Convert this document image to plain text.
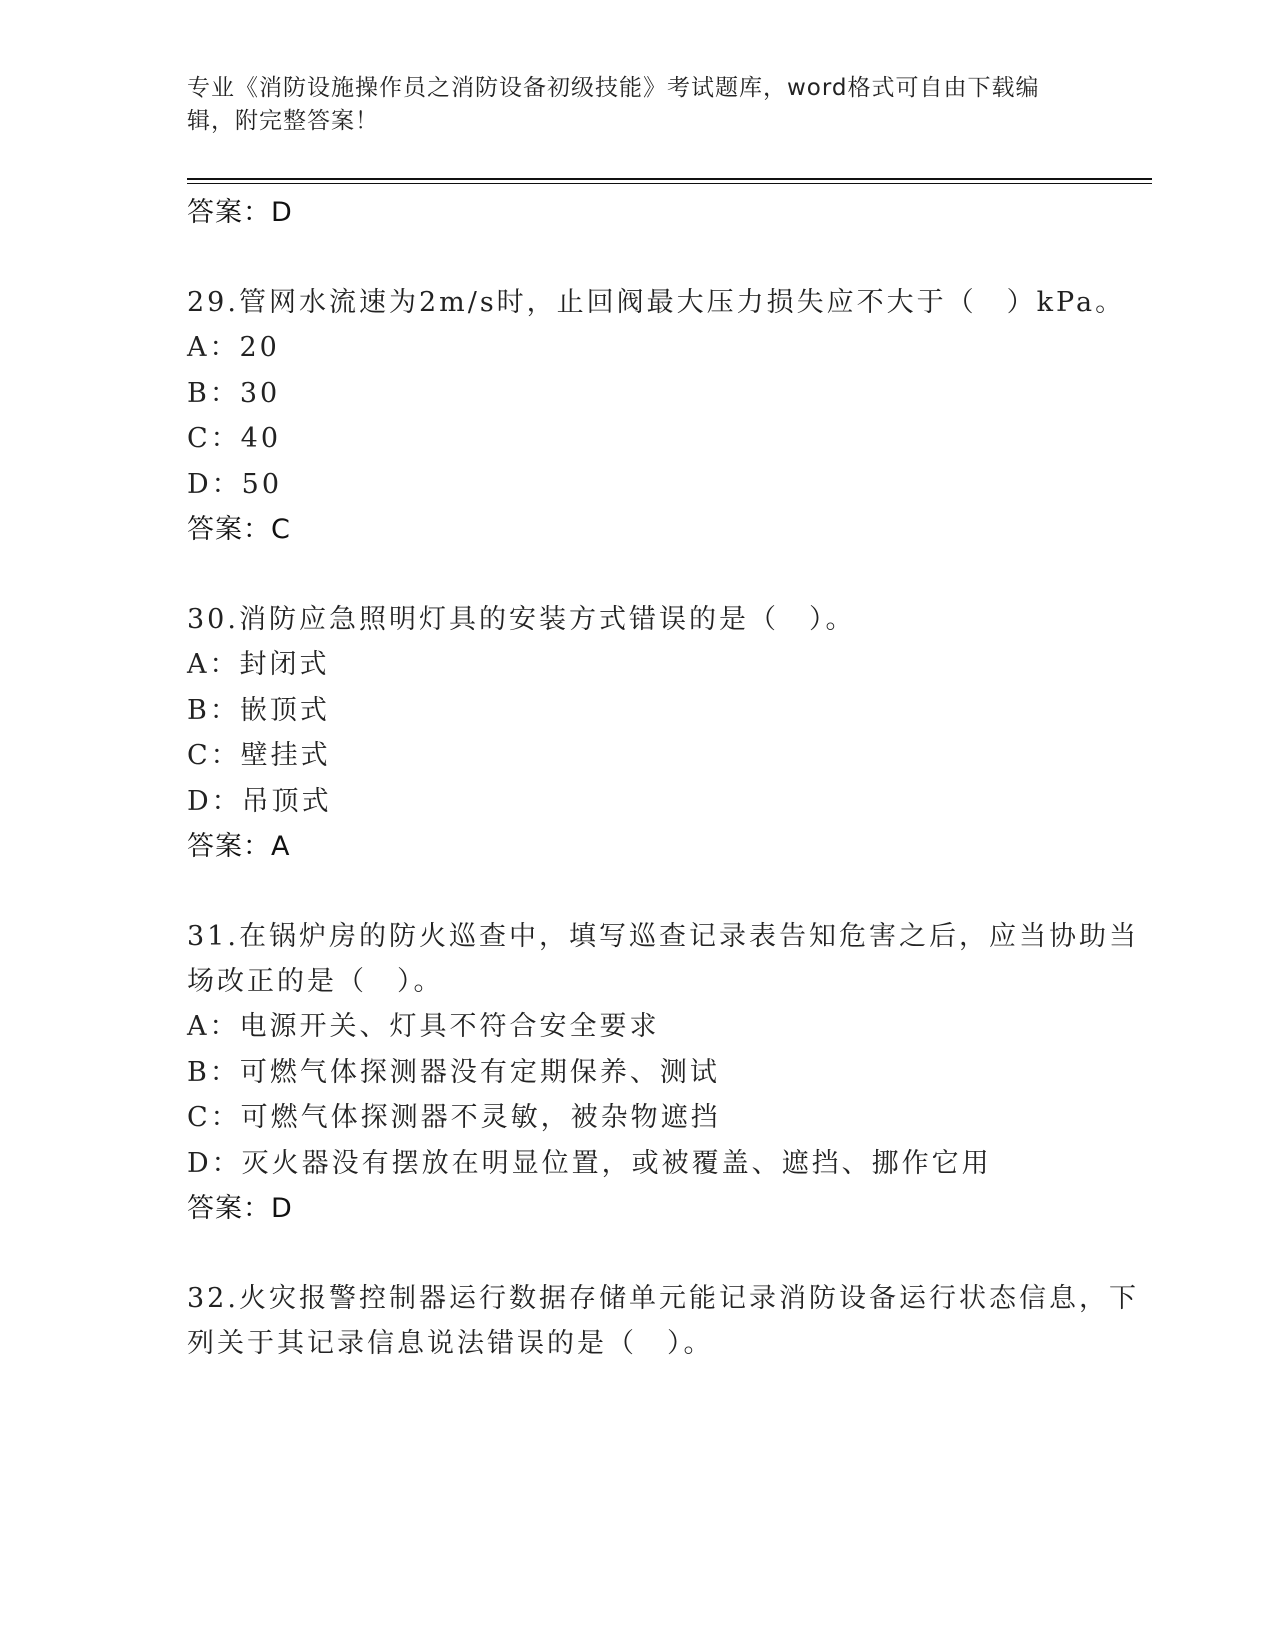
专业《消防设施操作员之消防设备初级技能》考试题库，word格式可自由下载编辑，附完整答案！
答案：D
29.管网水流速为2m/s时，止回阀最大压力损失应不大于（　）kPa。
A：20
B：30
C：40
D：50
答案：C
30.消防应急照明灯具的安装方式错误的是（　）。
A：封闭式
B：嵌顶式
C：壁挂式
D：吊顶式
答案：A
31.在锅炉房的防火巡查中，填写巡查记录表告知危害之后，应当协助当场改正的是（　）。
A：电源开关、灯具不符合安全要求
B：可燃气体探测器没有定期保养、测试
C：可燃气体探测器不灵敏，被杂物遮挡
D：灭火器没有摆放在明显位置，或被覆盖、遮挡、挪作它用
答案：D
32.火灾报警控制器运行数据存储单元能记录消防设备运行状态信息，下列关于其记录信息说法错误的是（　）。
